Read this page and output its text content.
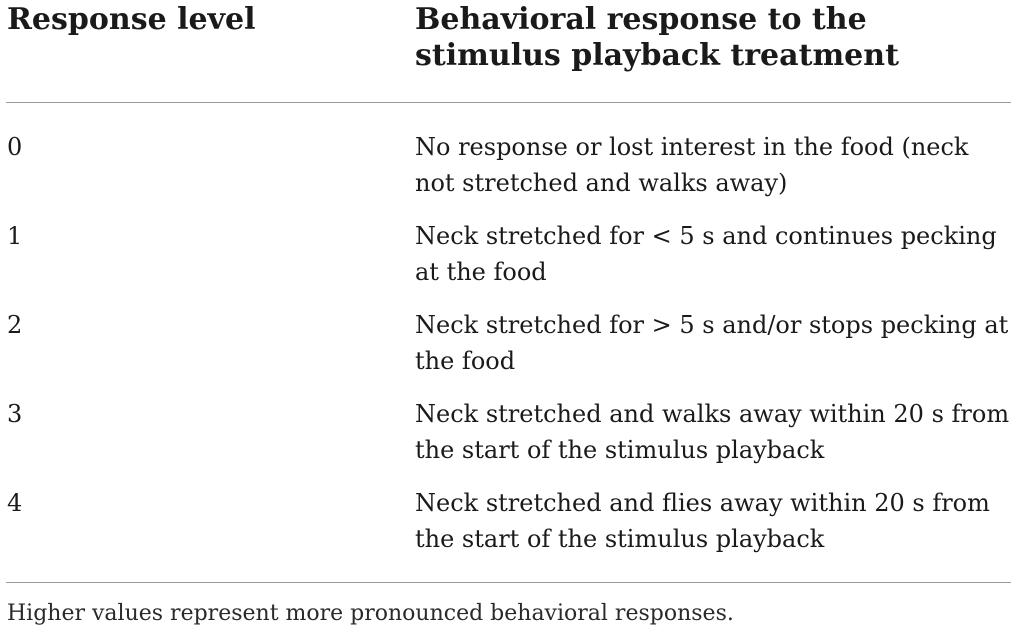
Response level	Behavioral response to the stimulus playback treatment
0	No response or lost interest in the food (neck not stretched and walks away)
1	Neck stretched for < 5 s and continues pecking at the food
2	Neck stretched for > 5 s and/or stops pecking at the food
3	Neck stretched and walks away within 20 s from the start of the stimulus playback
4	Neck stretched and flies away within 20 s from the start of the stimulus playback
Higher values represent more pronounced behavioral responses.
